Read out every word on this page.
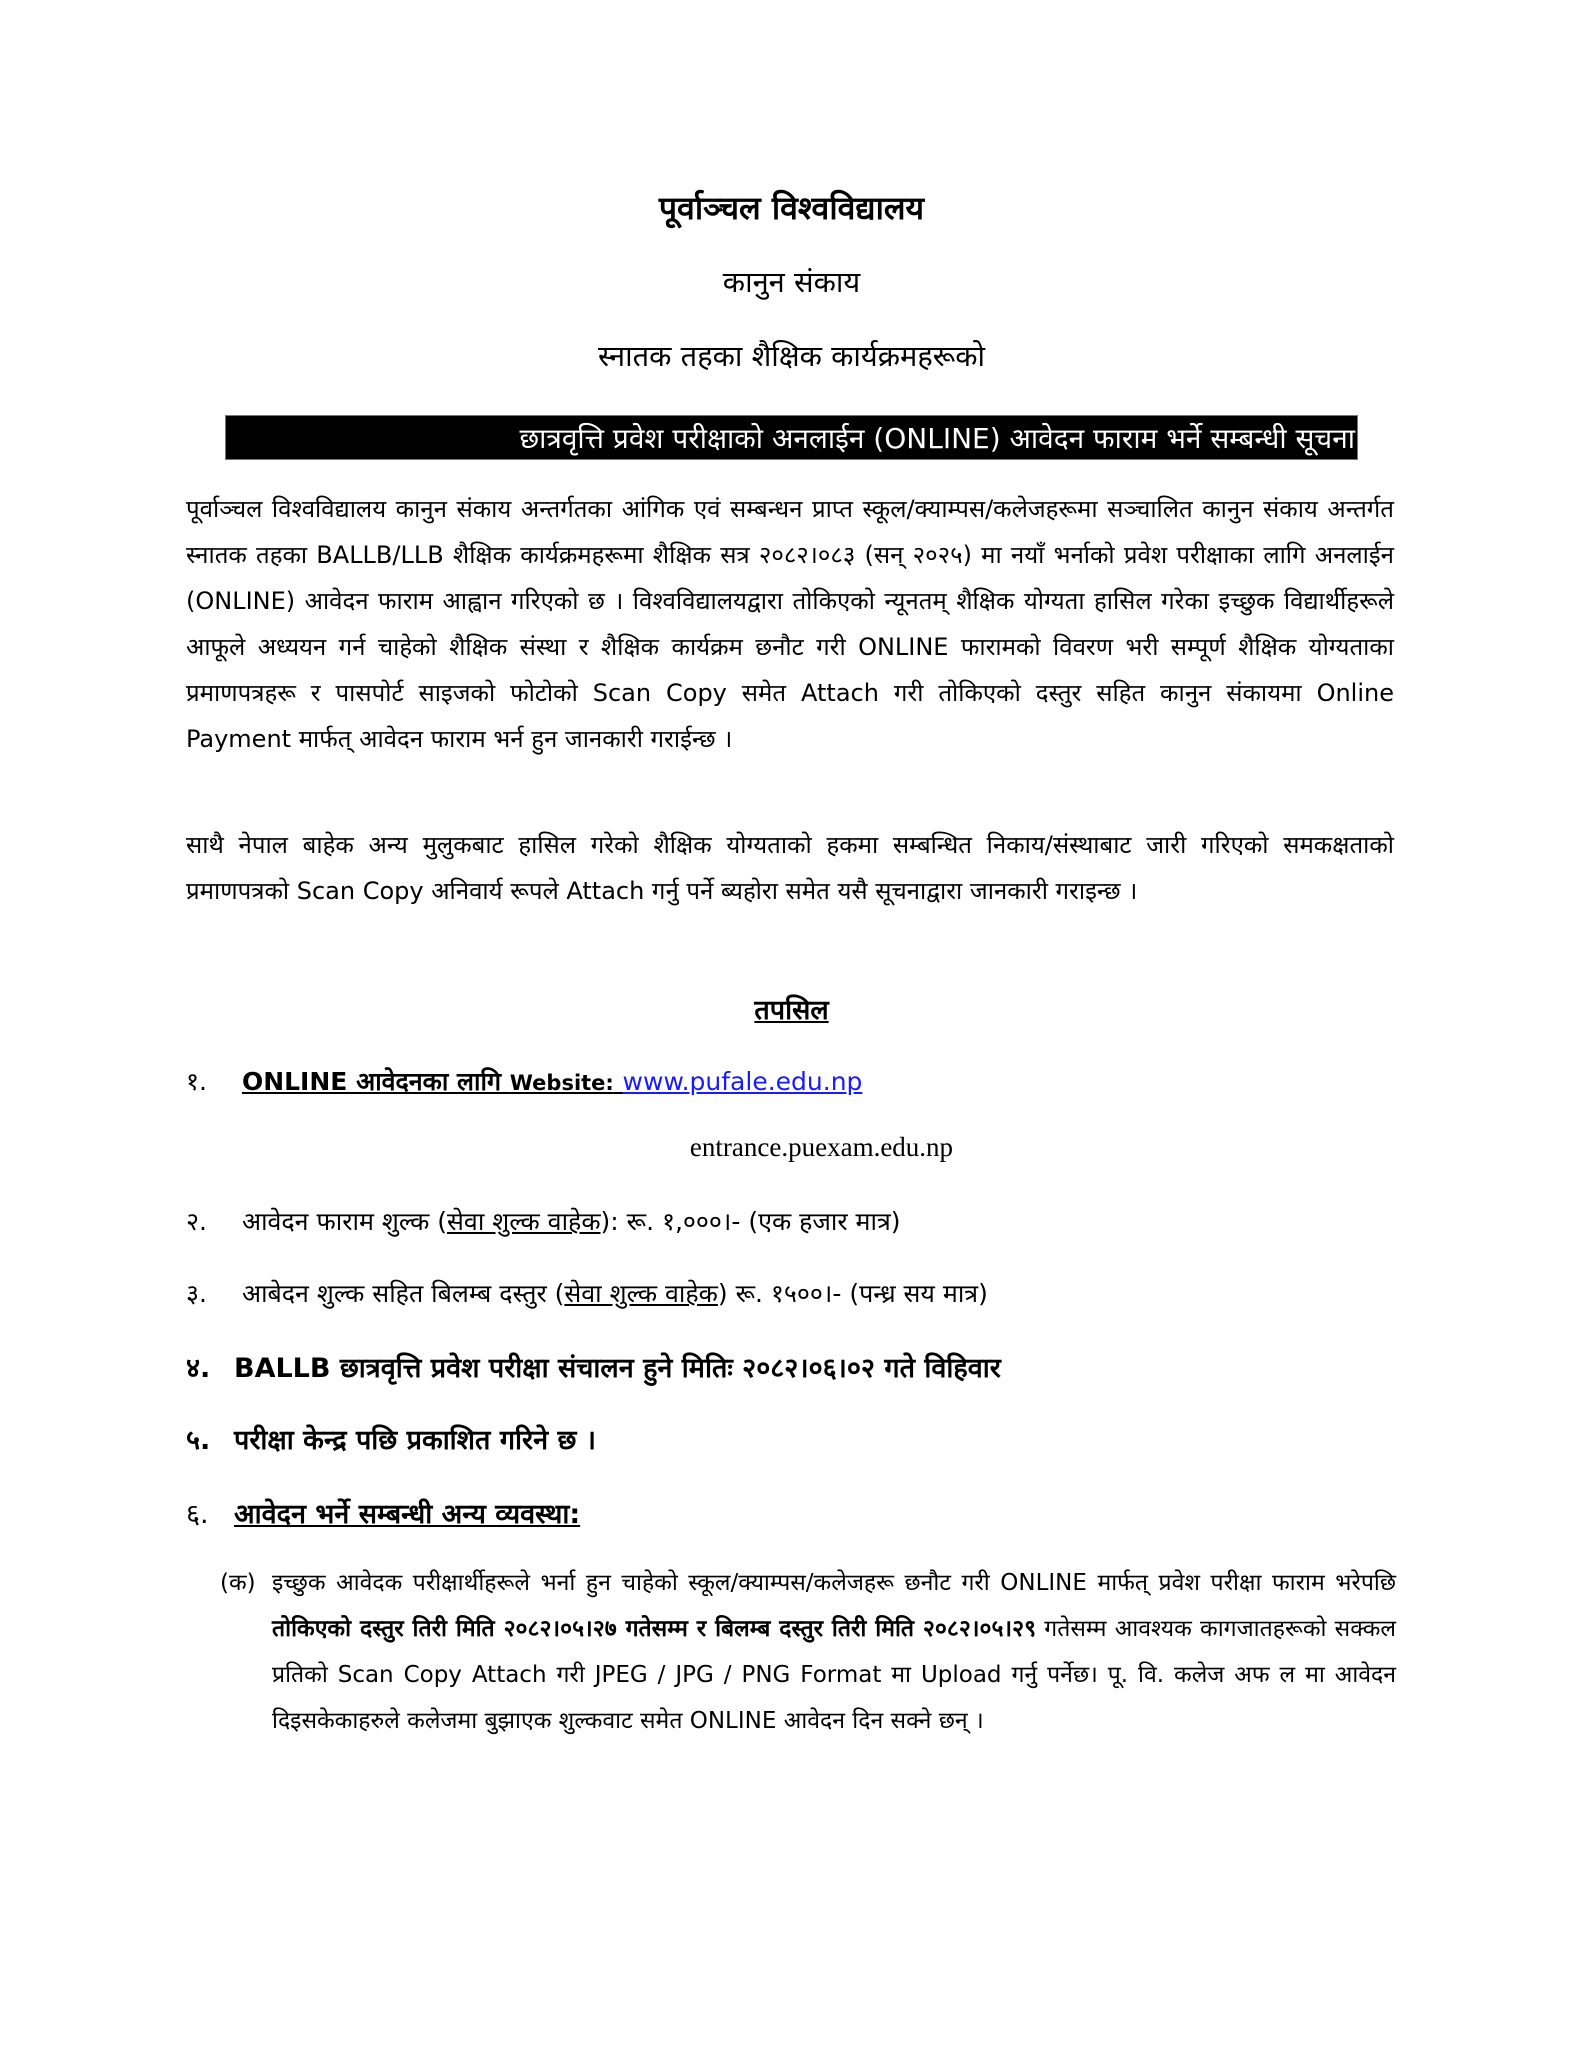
पूर्वाञ्चल विश्वविद्यालय
कानुन संकाय
स्नातक तहका शैक्षिक कार्यक्रमहरूको
छात्रवृत्ति प्रवेश परीक्षाको अनलाईन (ONLINE) आवेदन फाराम भर्ने सम्बन्धी सूचना
पूर्वाञ्चल विश्वविद्यालय कानुन संकाय अन्तर्गतका आंगिक एवं सम्बन्धन प्राप्त स्कूल/क्याम्पस/कलेजहरूमा सञ्चालित कानुन संकाय अन्तर्गत स्नातक तहका BALLB/LLB शैक्षिक कार्यक्रमहरूमा शैक्षिक सत्र २०८२।०८३ (सन् २०२५) मा नयाँ भर्नाको प्रवेश परीक्षाका लागि अनलाईन (ONLINE) आवेदन फाराम आह्वान गरिएको छ । विश्वविद्यालयद्वारा तोकिएको न्यूनतम् शैक्षिक योग्यता हासिल गरेका इच्छुक विद्यार्थीहरूले आफूले अध्ययन गर्न चाहेको शैक्षिक संस्था र शैक्षिक कार्यक्रम छनौट गरी ONLINE फारामको विवरण भरी सम्पूर्ण शैक्षिक योग्यताका प्रमाणपत्रहरू र पासपोर्ट साइजको फोटोको Scan Copy समेत Attach गरी तोकिएको दस्तुर सहित कानुन संकायमा Online Payment मार्फत् आवेदन फाराम भर्न हुन जानकारी गराईन्छ ।
साथै नेपाल बाहेक अन्य मुलुकबाट हासिल गरेको शैक्षिक योग्यताको हकमा सम्बन्धित निकाय/संस्थाबाट जारी गरिएको समकक्षताको प्रमाणपत्रको Scan Copy अनिवार्य रूपले Attach गर्नु पर्ने ब्यहोरा समेत यसै सूचनाद्वारा जानकारी गराइन्छ ।
तपसिल
१. ONLINE आवेदनका लागि Website: www.pufale.edu.np
entrance.puexam.edu.np
२. आवेदन फाराम शुल्क (सेवा शुल्क वाहेक): रू. १,०००।- (एक हजार मात्र)
३. आबेदन शुल्क सहित बिलम्ब दस्तुर (सेवा शुल्क वाहेक) रू. १५००।- (पन्ध्र सय मात्र)
४. BALLB छात्रवृत्ति प्रवेश परीक्षा संचालन हुने मितिः २०८२।०६।०२ गते विहिवार
५. परीक्षा केन्द्र पछि प्रकाशित गरिने छ ।
६. आवेदन भर्ने सम्बन्धी अन्य व्यवस्था:
(क) इच्छुक आवेदक परीक्षार्थीहरूले भर्ना हुन चाहेको स्कूल/क्याम्पस/कलेजहरू छनौट गरी ONLINE मार्फत् प्रवेश परीक्षा फाराम भरेपछि तोकिएको दस्तुर तिरी मिति २०८२।०५।२७ गतेसम्म र बिलम्ब दस्तुर तिरी मिति २०८२।०५।२९ गतेसम्म आवश्यक कागजातहरूको सक्कल प्रतिको Scan Copy Attach गरी JPEG / JPG / PNG Format मा Upload गर्नु पर्नेछ। पू. वि. कलेज अफ ल मा आवेदन दिइसकेकाहरुले कलेजमा बुझाएक शुल्कवाट समेत ONLINE आवेदन दिन सक्ने छन् ।
